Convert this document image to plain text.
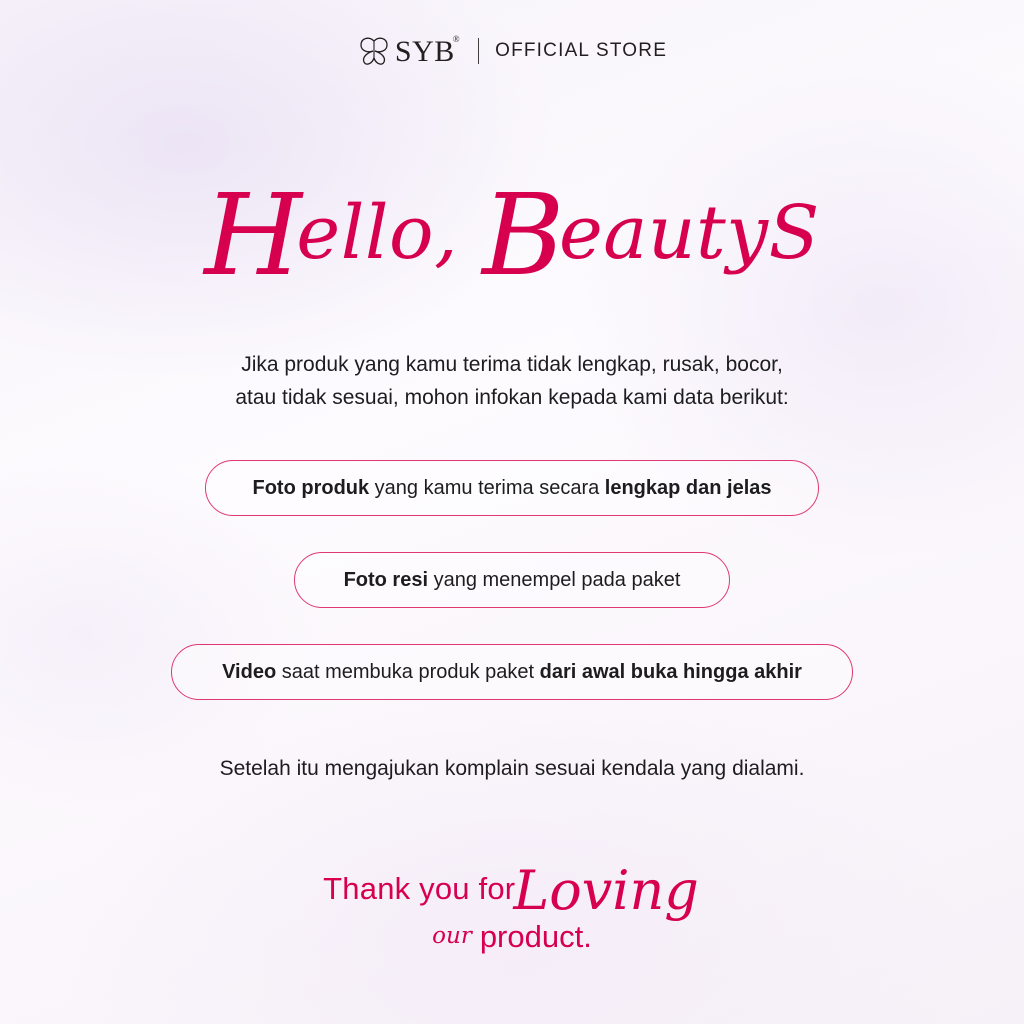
SYB®
OFFICIAL STORE
Hello, BeautyS
Jika produk yang kamu terima tidak lengkap, rusak, bocor,
atau tidak sesuai, mohon infokan kepada kami data berikut:
Foto produk yang kamu terima secara lengkap dan jelas
Foto resi yang menempel pada paket
Video saat membuka produk paket dari awal buka hingga akhir
Setelah itu mengajukan komplain sesuai kendala yang dialami.
Thank you forLoving
our product.
